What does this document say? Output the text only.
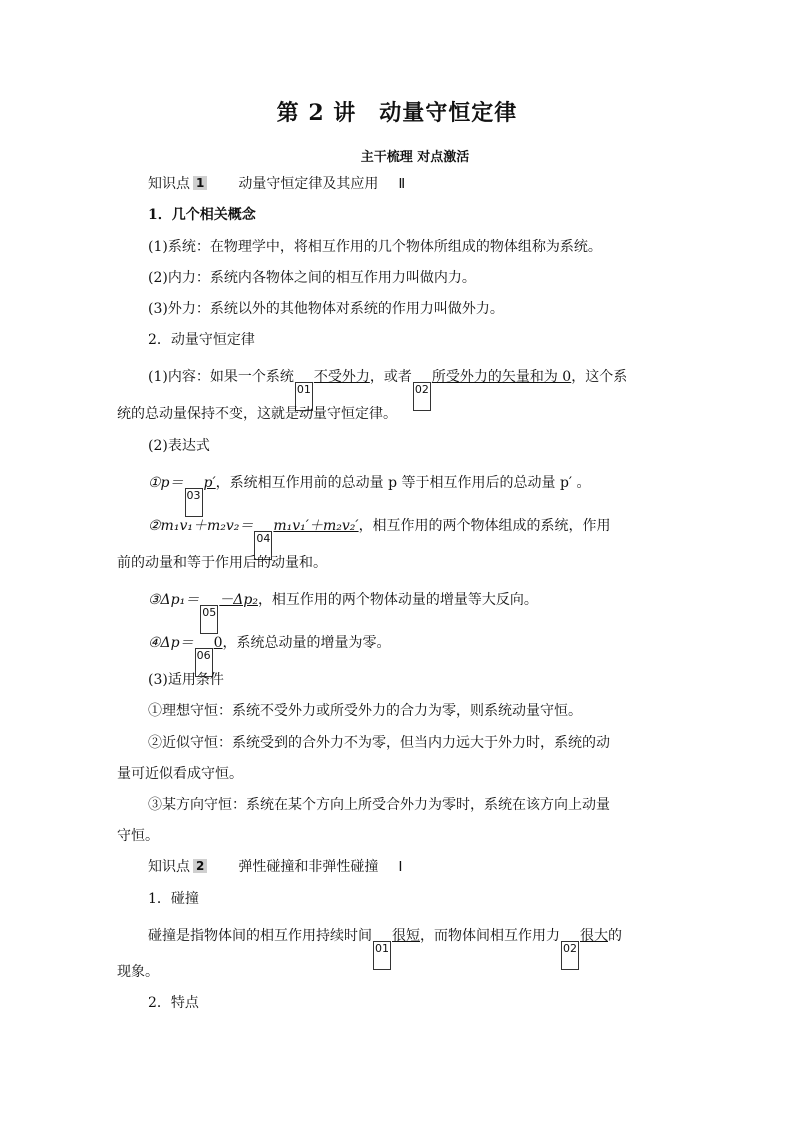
第 2 讲　动量守恒定律
主干梳理 对点激活
知识点 1 动量守恒定律及其应用 Ⅱ
1．几个相关概念
(1)系统：在物理学中，将相互作用的几个物体所组成的物体组称为系统。
(2)内力：系统内各物体之间的相互作用力叫做内力。
(3)外力：系统以外的其他物体对系统的作用力叫做外力。
2．动量守恒定律
(1)内容：如果一个系统01不受外力，或者02所受外力的矢量和为 0，这个系
统的总动量保持不变，这就是动量守恒定律。
(2)表达式
①p＝03p′，系统相互作用前的总动量 p 等于相互作用后的总动量 p′ 。
②m₁v₁＋m₂v₂＝04m₁v₁′＋m₂v₂′，相互作用的两个物体组成的系统，作用
前的动量和等于作用后的动量和。
③Δp₁＝05－Δp₂，相互作用的两个物体动量的增量等大反向。
④Δp＝060，系统总动量的增量为零。
(3)适用条件
①理想守恒：系统不受外力或所受外力的合力为零，则系统动量守恒。
②近似守恒：系统受到的合外力不为零，但当内力远大于外力时，系统的动
量可近似看成守恒。
③某方向守恒：系统在某个方向上所受合外力为零时，系统在该方向上动量
守恒。
知识点 2 弹性碰撞和非弹性碰撞 Ⅰ
1．碰撞
碰撞是指物体间的相互作用持续时间01很短，而物体间相互作用力02很大的
现象。
2．特点
